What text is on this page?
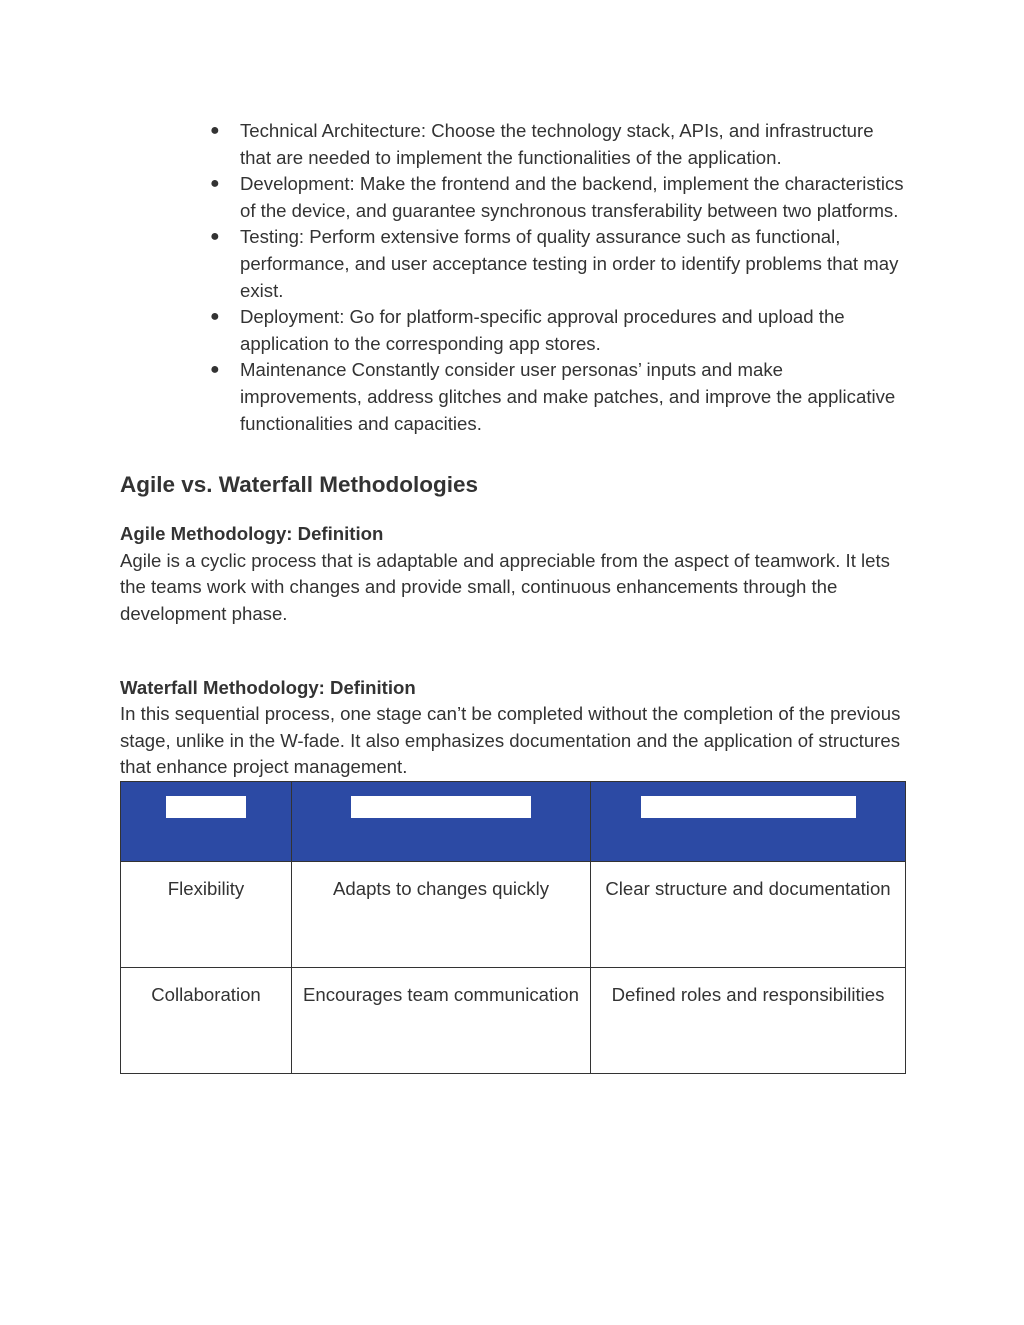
● Technical Architecture: Choose the technology stack, APIs, and infrastructure that are needed to implement the functionalities of the application.
● Development: Make the frontend and the backend, implement the characteristics of the device, and guarantee synchronous transferability between two platforms.
● Testing: Perform extensive forms of quality assurance such as functional, performance, and user acceptance testing in order to identify problems that may exist.
● Deployment: Go for platform-specific approval procedures and upload the application to the corresponding app stores.
● Maintenance Constantly consider user personas’ inputs and make improvements, address glitches and make patches, and improve the applicative functionalities and capacities.
Agile vs. Waterfall Methodologies

Agile Methodology: Definition

Agile is a cyclic process that is adaptable and appreciable from the aspect of teamwork. It lets the teams work with changes and provide small, continuous enhancements through the development phase.

Waterfall Methodology: Definition

In this sequential process, one stage can’t be completed without the completion of the previous stage, unlike in the W-fade. It also emphasizes documentation and the application of structures that enhance project management.

Flexibility	Adapts to changes quickly	Clear structure and documentation
Collaboration	Encourages team communication	Defined roles and responsibilities
